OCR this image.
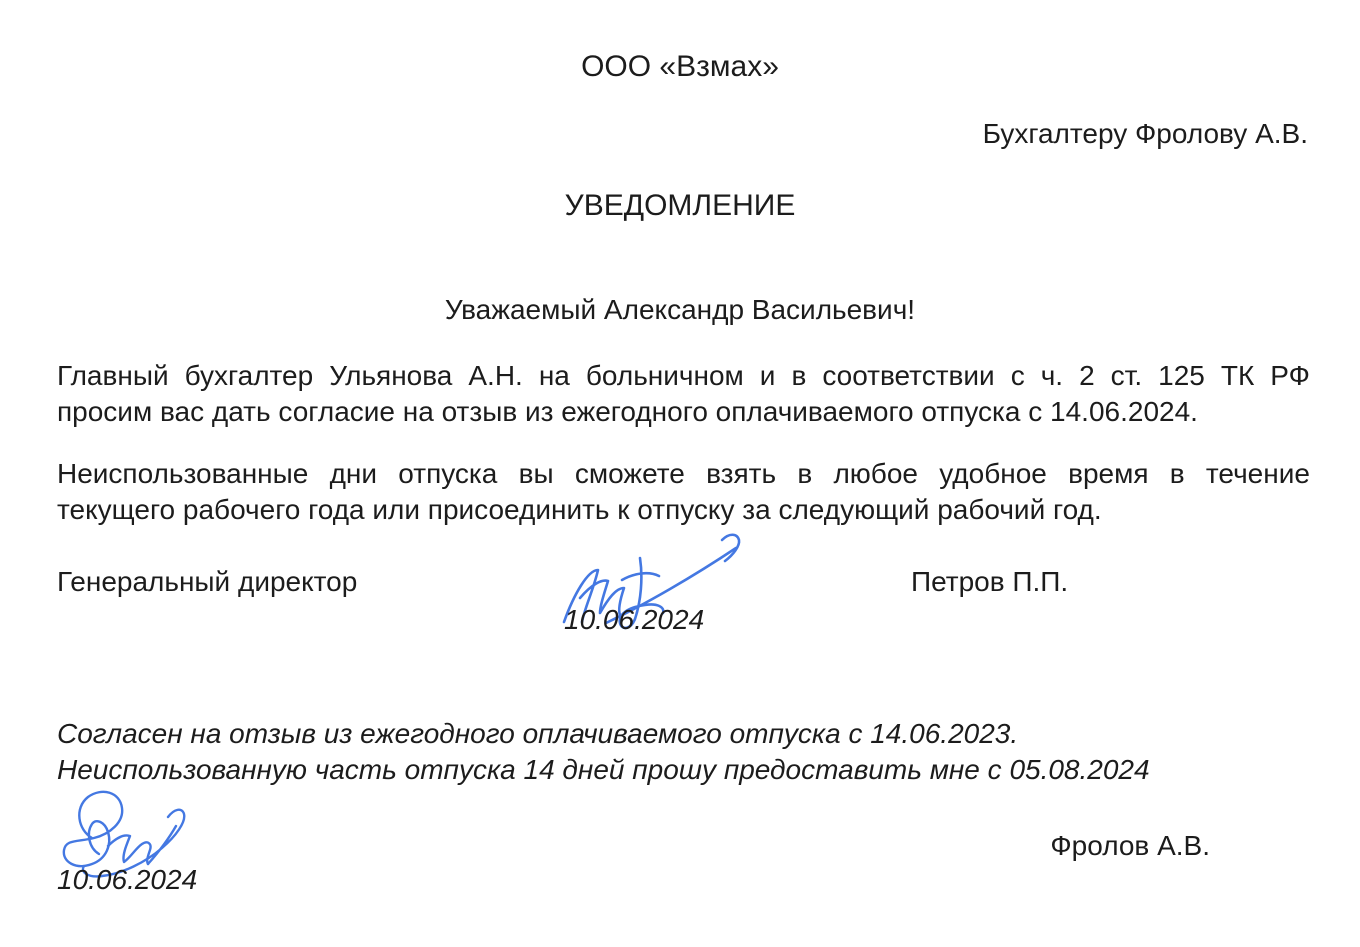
ООО «Взмах»
Бухгалтеру Фролову А.В.
УВЕДОМЛЕНИЕ
Уважаемый Александр Васильевич!
Главный бухгалтер Ульянова А.Н. на больничном и в соответствии с ч. 2 ст. 125 ТК РФ
просим вас дать согласие на отзыв из ежегодного оплачиваемого отпуска с 14.06.2024.
Неиспользованные дни отпуска вы сможете взять в любое удобное время в течение
текущего рабочего года или присоединить к отпуску за следующий рабочий год.
Генеральный директор	Петров П.П.
10.06.2024
Согласен на отзыв из ежегодного оплачиваемого отпуска с 14.06.2023.
Неиспользованную часть отпуска 14 дней прошу предоставить мне с 05.08.2024
Фролов А.В.
10.06.2024
